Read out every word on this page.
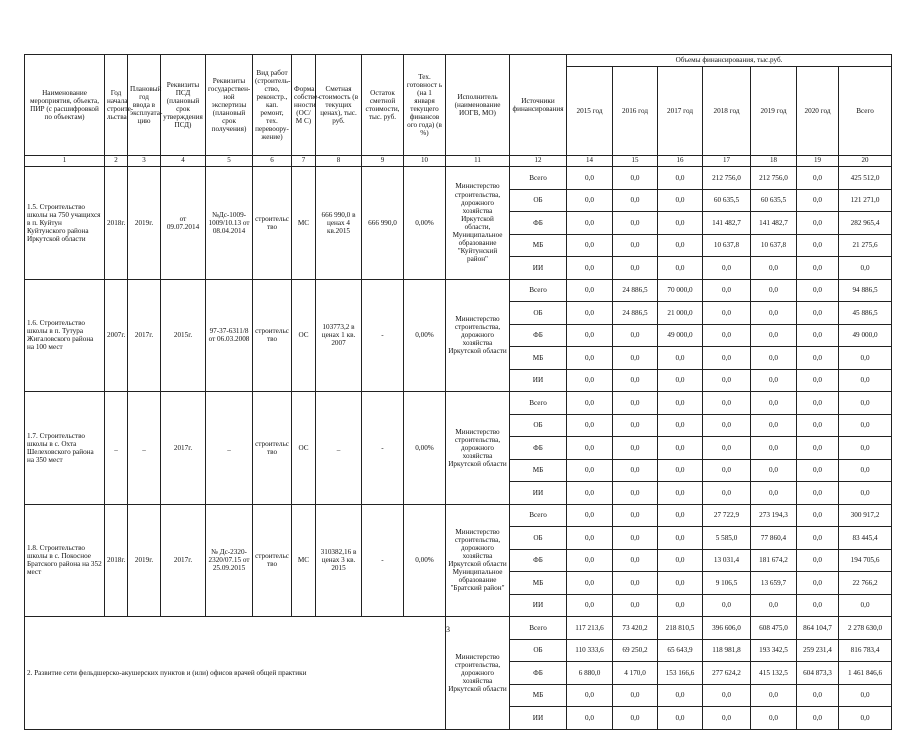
Наименование мероприятия, объекта, ПИР (с расшифровкой по объектам)	Год начала строите-льства	Плановый год ввода в эксплуата-цию	Реквизиты ПСД (плановый срок утверждения ПСД)	Реквизиты государствен-ной экспертизы (плановый срок получения)	Вид работ (строитель-ство, реконстр., кап. ремонт, тех. перевоору-жение)	Форма собстве-нности (ОС/М С)	Сметная стоимость (в текущих ценах), тыс. руб.	Остаток сметной стоимости, тыс. руб.	Тех. готовност ь (на 1 января текущего финансов ого года) (в %)	Исполнитель (наименование ИОГВ, МО)	Источники финансирования	Объемы финансирования, тыс.руб.						
												2015 год	2016 год	2017 год	2018 год	2019 год	2020 год	Всего
1	2	3	4	5	6	7	8	9	10	11	12	14	15	16	17	18	19	20
1.5. Строительство школы на 750 учащихся в п. Куйтун Куйтунского района Иркутской области	2018г.	2019г.	от 09.07.2014	№Дс-1009-1009/10.13 от 08.04.2014	строительс тво	МС	666 990,0 в ценах 4 кв.2015	666 990,0	0,00%	Министерство строительства, дорожного хозяйства Иркутской области, Муниципальное образование "Куйтунский район"	Всего	0,0	0,0	0,0	212 756,0	212 756,0	0,0	425 512,0
											ОБ	0,0	0,0	0,0	60 635,5	60 635,5	0,0	121 271,0
											ФБ	0,0	0,0	0,0	141 482,7	141 482,7	0,0	282 965,4
											МБ	0,0	0,0	0,0	10 637,8	10 637,8	0,0	21 275,6
											ИИ	0,0	0,0	0,0	0,0	0,0	0,0	0,0
1.6. Строительство школы в п. Тутура Жигаловского района на 100 мест	2007г.	2017г.	2015г.	97-37-6311/8 от 06.03.2008	строительс тво	ОС	103773,2 в ценах 1 кв. 2007	-	0,00%	Министерство строительства, дорожного хозяйства Иркутской области	Всего	0,0	24 886,5	70 000,0	0,0	0,0	0,0	94 886,5
											ОБ	0,0	24 886,5	21 000,0	0,0	0,0	0,0	45 886,5
											ФБ	0,0	0,0	49 000,0	0,0	0,0	0,0	49 000,0
											МБ	0,0	0,0	0,0	0,0	0,0	0,0	0,0
											ИИ	0,0	0,0	0,0	0,0	0,0	0,0	0,0
1.7. Строительство школы в с. Охта Шелеховского района на 350 мест	_	_	2017г.	_	строительс тво	ОС	_	-	0,00%	Министерство строительства, дорожного хозяйства Иркутской области	Всего	0,0	0,0	0,0	0,0	0,0	0,0	0,0
											ОБ	0,0	0,0	0,0	0,0	0,0	0,0	0,0
											ФБ	0,0	0,0	0,0	0,0	0,0	0,0	0,0
											МБ	0,0	0,0	0,0	0,0	0,0	0,0	0,0
											ИИ	0,0	0,0	0,0	0,0	0,0	0,0	0,0
1.8. Строительство школы в с. Покосное Братского района на 352 мест	2018г.	2019г.	2017г.	№ Дс-2320-2320/07.15 от 25.09.2015	строительс тво	МС	310382,16 в ценах 3 кв. 2015	-	0,00%	Министерство строительства, дорожного хозяйства Иркутской области Муниципальное образование "Братский район"	Всего	0,0	0,0	0,0	27 722,9	273 194,3	0,0	300 917,2
											ОБ	0,0	0,0	0,0	5 585,0	77 860,4	0,0	83 445,4
											ФБ	0,0	0,0	0,0	13 031,4	181 674,2	0,0	194 705,6
											МБ	0,0	0,0	0,0	9 106,5	13 659,7	0,0	22 766,2
											ИИ	0,0	0,0	0,0	0,0	0,0	0,0	0,0
2. Развитие сети фельдшерско-акушерских пунктов и (или) офисов врачей общей практики										Министерство строительства, дорожного хозяйства Иркутской области	Всего	117 213,6	73 420,2	218 810,5	396 606,0	608 475,0	864 104,7	2 278 630,0
											ОБ	110 333,6	69 250,2	65 643,9	118 981,8	193 342,5	259 231,4	816 783,4
											ФБ	6 880,0	4 170,0	153 166,6	277 624,2	415 132,5	604 873,3	1 461 846,6
											МБ	0,0	0,0	0,0	0,0	0,0	0,0	0,0
											ИИ	0,0	0,0	0,0	0,0	0,0	0,0	0,0
3
